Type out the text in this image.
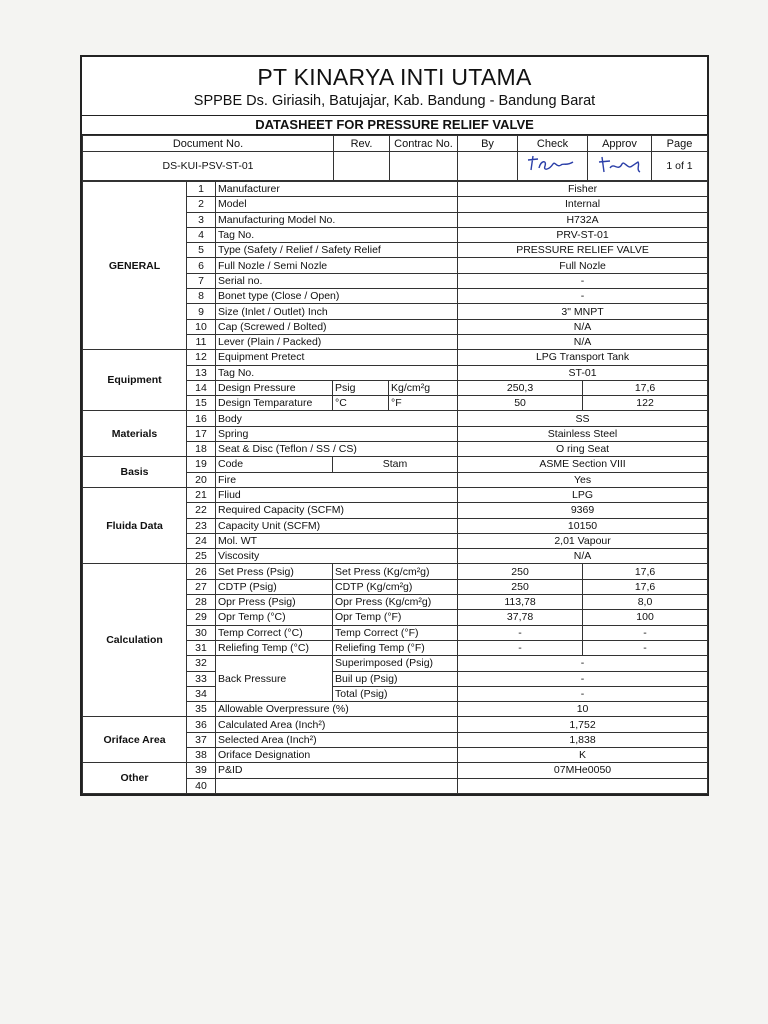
PT KINARYA INTI UTAMA
SPPBE Ds. Giriasih, Batujajar, Kab. Bandung - Bandung Barat
DATASHEET FOR PRESSURE RELIEF VALVE
Document No.	Rev.	Contrac No.	By	Check	Approv	Page
DS-KUI-PSV-ST-01						1 of 1
GENERAL	1	Manufacturer			Fisher	
	2	Model			Internal	
	3	Manufacturing Model No.			H732A	
	4	Tag No.			PRV-ST-01	
	5	Type (Safety / Relief / Safety Relief			PRESSURE RELIEF VALVE	
	6	Full Nozle / Semi Nozle			Full Nozle	
	7	Serial no.			-	
	8	Bonet type (Close / Open)			-	
	9	Size (Inlet / Outlet) Inch			3" MNPT	
	10	Cap (Screwed / Bolted)			N/A	
	11	Lever (Plain / Packed)			N/A	
Equipment	12	Equipment Pretect			LPG Transport Tank	
	13	Tag No.			ST-01	
	14	Design Pressure	Psig	Kg/cm²g	250,3	17,6
	15	Design Temparature	°C	°F	50	122
Materials	16	Body			SS	
	17	Spring			Stainless Steel	
	18	Seat & Disc (Teflon / SS / CS)			O ring Seat	
Basis	19	Code	Stam		ASME Section VIII	
	20	Fire			Yes	
Fluida Data	21	Fliud			LPG	
	22	Required Capacity (SCFM)			9369	
	23	Capacity Unit (SCFM)			10150	
	24	Mol. WT			2,01 Vapour	
	25	Viscosity			N/A	
Calculation	26	Set Press (Psig)	Set Press (Kg/cm²g)		250	17,6
	27	CDTP (Psig)	CDTP (Kg/cm²g)		250	17,6
	28	Opr Press (Psig)	Opr Press (Kg/cm²g)		113,78	8,0
	29	Opr Temp (°C)	Opr Temp (°F)		37,78	100
	30	Temp Correct (°C)	Temp Correct (°F)		-	-
	31	Reliefing Temp (°C)	Reliefing Temp (°F)		-	-
	32	Back Pressure	Superimposed (Psig)		-	
	33		Buil up (Psig)		-	
	34		Total (Psig)		-	
	35	Allowable Overpressure (%)			10	
Oriface Area	36	Calculated Area (Inch²)			1,752	
	37	Selected Area (Inch²)			1,838	
	38	Oriface Designation			K	
Other	39	P&ID			07MHe0050	
	40					
